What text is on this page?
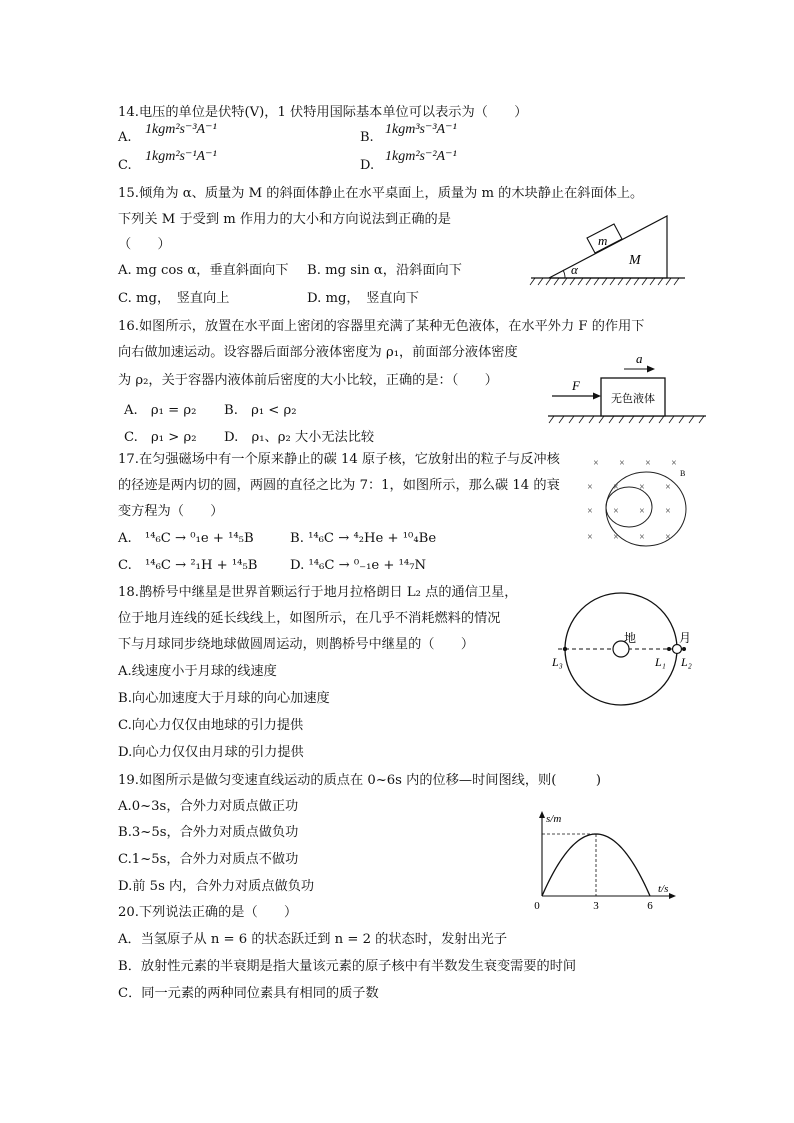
14.电压的单位是伏特(V)，1 伏特用国际基本单位可以表示为（　　）
A.
1kgm²s⁻³A⁻¹
B.
1kgm³s⁻³A⁻¹
C.
1kgm²s⁻¹A⁻¹
D.
1kgm²s⁻²A⁻¹
15.倾角为 α、质量为 M 的斜面体静止在水平桌面上，质量为 m 的木块静止在斜面体上。
下列关 M 于受到 m 作用力的大小和方向说法到正确的是
（　　）
A. mg cos α，垂直斜面向下 B. mg sin α，沿斜面向下
C. mg，　竖直向上	D. mg，　竖直向下
m
M
α
16.如图所示，放置在水平面上密闭的容器里充满了某种无色液体，在水平外力 F 的作用下
向右做加速运动。设容器后面部分液体密度为 ρ₁，前面部分液体密度
为 ρ₂，关于容器内液体前后密度的大小比较，正确的是：（　　）
A.　ρ₁ = ρ₂ B.　ρ₁ < ρ₂
C.　ρ₁ > ρ₂ D.　ρ₁、ρ₂ 大小无法比较
无色液体
F
a
17.在匀强磁场中有一个原来静止的碳 14 原子核，它放射出的粒子与反冲核
的径迹是两内切的圆，两圆的直径之比为 7：1，如图所示，那么碳 14 的衰
变方程为（　　）
A.　¹⁴₆C → ⁰₁e + ¹⁴₅B	B. ¹⁴₆C → ⁴₂He + ¹⁰₄Be
C.　¹⁴₆C → ²₁H + ¹⁴₅B D. ¹⁴₆C → ⁰₋₁e + ¹⁴₇N
× × × ×
× × × ×
× × × ×
× × × ×
B
18.鹊桥号中继星是世界首颗运行于地月拉格朗日 L₂ 点的通信卫星，
位于地月连线的延长线线上，如图所示，在几乎不消耗燃料的情况
下与月球同步绕地球做圆周运动，则鹊桥号中继星的（　　）
A.线速度小于月球的线速度
B.向心加速度大于月球的向心加速度
C.向心力仅仅由地球的引力提供
D.向心力仅仅由月球的引力提供
地	月
L₃	L₁ L₂
19.如图所示是做匀变速直线运动的质点在 0~6s 内的位移—时间图线，则(　　　)
A.0~3s，合外力对质点做正功
B.3~5s，合外力对质点做负功
C.1~5s，合外力对质点不做功
D.前 5s 内，合外力对质点做负功
s/m
t/s
0	3	6
20.下列说法正确的是（　　）
A．当氢原子从 n = 6 的状态跃迁到 n = 2 的状态时，发射出光子
B．放射性元素的半衰期是指大量该元素的原子核中有半数发生衰变需要的时间
C．同一元素的两种同位素具有相同的质子数
